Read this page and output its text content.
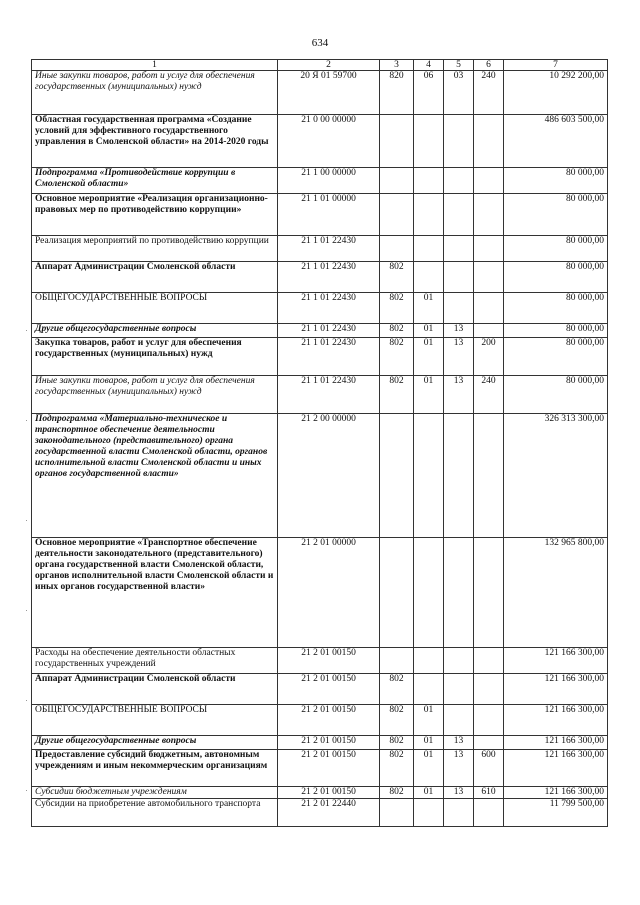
634
1	2	3	4	5	6	7
Иные закупки товаров, работ и услуг для обеспечения государственных (муниципальных) нужд	20 Я 01 59700	820	06	03	240	10 292 200,00
Областная государственная программа «Создание условий для эффективного государственного управления в Смоленской области» на 2014-2020 годы	21 0 00 00000					486 603 500,00
Подпрограмма «Противодействие коррупции в Смоленской области»	21 1 00 00000					80 000,00
Основное мероприятие «Реализация организационно-правовых мер по противодействию коррупции»	21 1 01 00000					80 000,00
Реализация мероприятий по противодействию коррупции	21 1 01 22430					80 000,00
Аппарат Администрации Смоленской области	21 1 01 22430	802				80 000,00
ОБЩЕГОСУДАРСТВЕННЫЕ ВОПРОСЫ	21 1 01 22430	802	01			80 000,00
Другие общегосударственные вопросы	21 1 01 22430	802	01	13		80 000,00
Закупка товаров, работ и услуг для обеспечения государственных (муниципальных) нужд	21 1 01 22430	802	01	13	200	80 000,00
Иные закупки товаров, работ и услуг для обеспечения государственных (муниципальных) нужд	21 1 01 22430	802	01	13	240	80 000,00
Подпрограмма «Материально-техническое и транспортное обеспечение деятельности законодательного (представительного) органа государственной власти Смоленской области, органов исполнительной власти Смоленской области и иных органов государственной власти»	21 2 00 00000					326 313 300,00
Основное мероприятие «Транспортное обеспечение деятельности законодательного (представительного) органа государственной власти Смоленской области, органов исполнительной власти Смоленской области и иных органов государственной власти»	21 2 01 00000					132 965 800,00
Расходы на обеспечение деятельности областных государственных учреждений	21 2 01 00150					121 166 300,00
Аппарат Администрации Смоленской области	21 2 01 00150	802				121 166 300,00
ОБЩЕГОСУДАРСТВЕННЫЕ ВОПРОСЫ	21 2 01 00150	802	01			121 166 300,00
Другие общегосударственные вопросы	21 2 01 00150	802	01	13		121 166 300,00
Предоставление субсидий бюджетным, автономным учреждениям и иным некоммерческим организациям	21 2 01 00150	802	01	13	600	121 166 300,00
Субсидии бюджетным учреждениям	21 2 01 00150	802	01	13	610	121 166 300,00
Субсидии на приобретение автомобильного транспорта	21 2 01 22440					11 799 500,00
